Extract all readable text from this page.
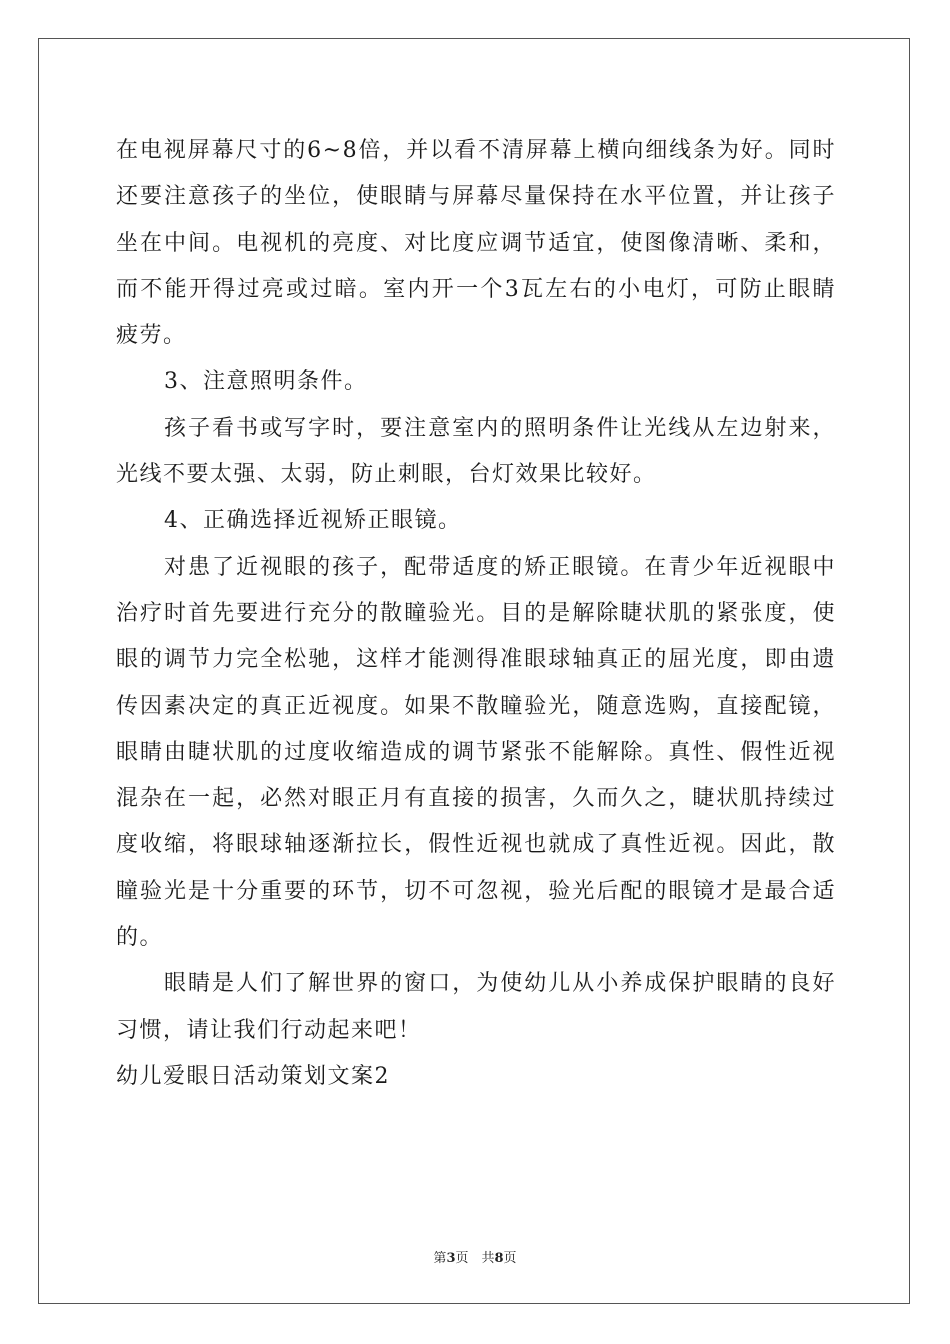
在电视屏幕尺寸的6~8倍，并以看不清屏幕上横向细线条为好。同时还要注意孩子的坐位，使眼睛与屏幕尽量保持在水平位置，并让孩子坐在中间。电视机的亮度、对比度应调节适宜，使图像清晰、柔和，而不能开得过亮或过暗。室内开一个3瓦左右的小电灯，可防止眼睛疲劳。

3、注意照明条件。

孩子看书或写字时，要注意室内的照明条件让光线从左边射来，光线不要太强、太弱，防止刺眼，台灯效果比较好。

4、正确选择近视矫正眼镜。

对患了近视眼的孩子，配带适度的矫正眼镜。在青少年近视眼中治疗时首先要进行充分的散瞳验光。目的是解除睫状肌的紧张度，使眼的调节力完全松驰，这样才能测得准眼球轴真正的屈光度，即由遗传因素决定的真正近视度。如果不散瞳验光，随意选购，直接配镜，眼睛由睫状肌的过度收缩造成的调节紧张不能解除。真性、假性近视混杂在一起，必然对眼正月有直接的损害，久而久之，睫状肌持续过度收缩，将眼球轴逐渐拉长，假性近视也就成了真性近视。因此，散瞳验光是十分重要的环节，切不可忽视，验光后配的眼镜才是最合适的。

眼睛是人们了解世界的窗口，为使幼儿从小养成保护眼睛的良好习惯，请让我们行动起来吧！

幼儿爱眼日活动策划文案2

第3页　共8页
